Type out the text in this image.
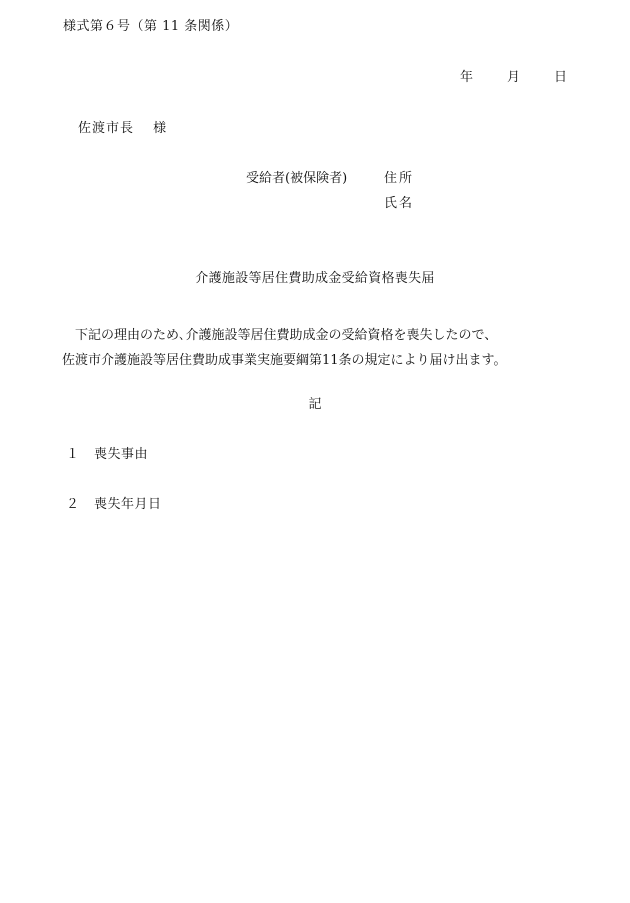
様式第６号（第 11 条関係）
年	月	日
佐渡市長　 様
受給者(被保険者)	住所
氏名
介護施設等居住費助成金受給資格喪失届
　下記の理由のため､介護施設等居住費助成金の受給資格を喪失したので、
佐渡市介護施設等居住費助成事業実施要綱第11条の規定により届け出ます。
記
１ 喪失事由
２ 喪失年月日
